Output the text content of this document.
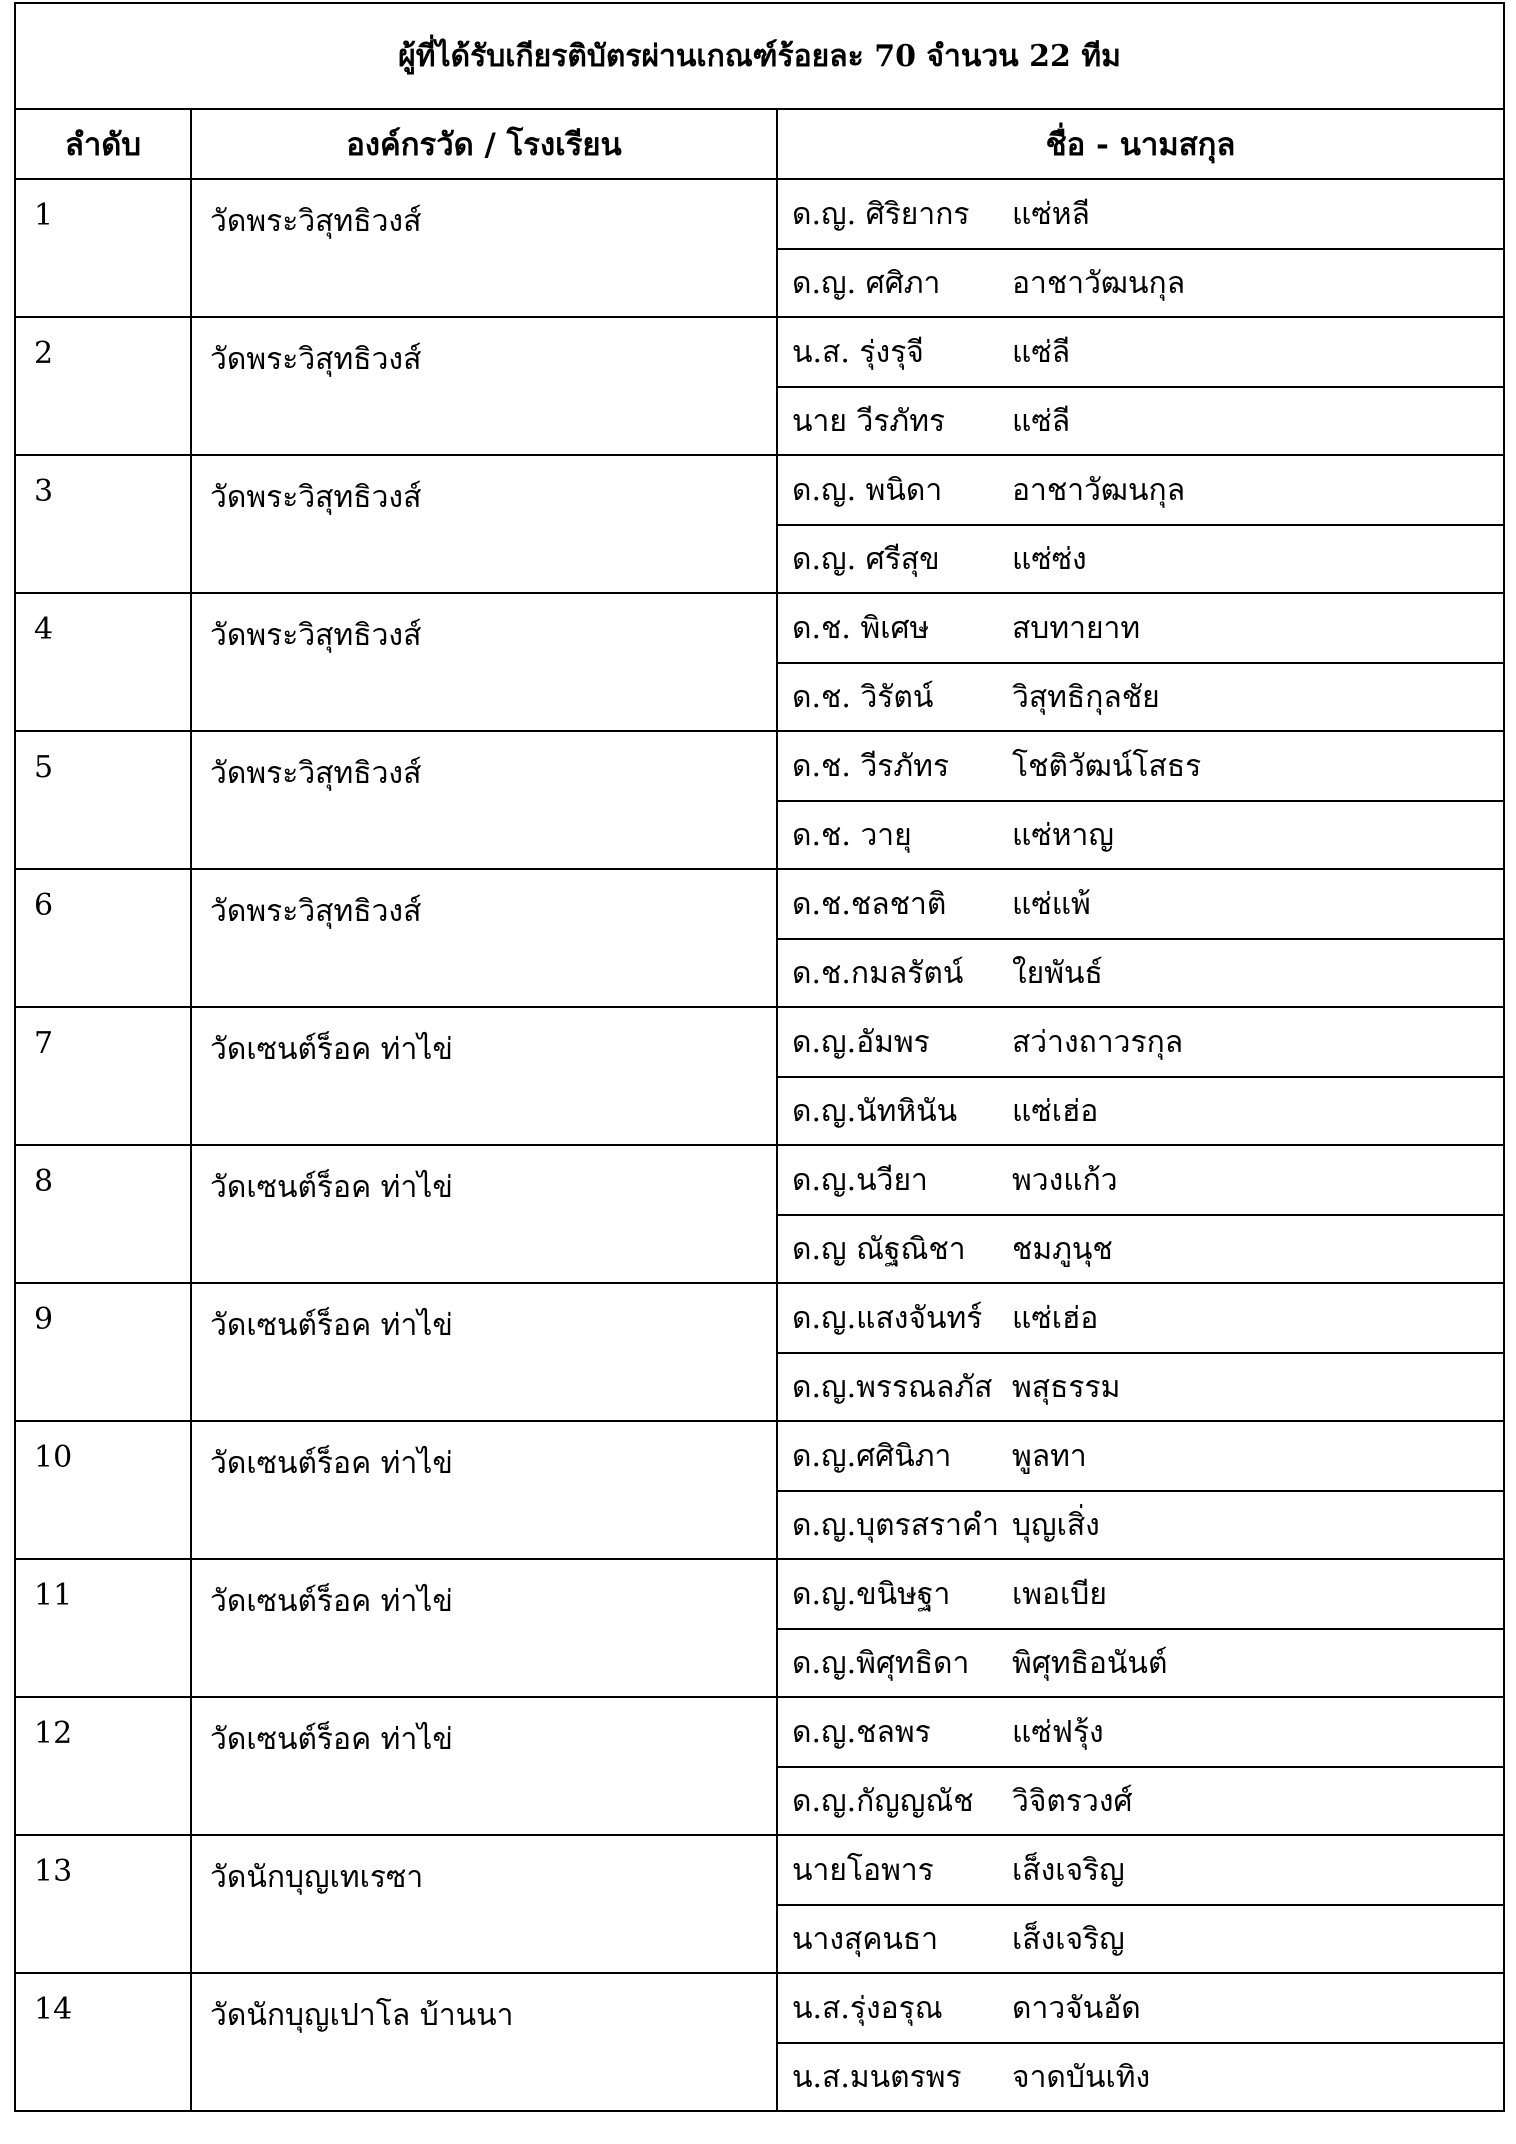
ผู้ที่ได้รับเกียรติบัตรผ่านเกณฑ์ร้อยละ 70 จำนวน 22 ทีม		
ลำดับ	องค์กรวัด / โรงเรียน	ชื่อ - นามสกุล
1	วัดพระวิสุทธิวงส์	ด.ญ. ศิริยากร แซ่หลี
ด.ญ. ศศิภา อาชาวัฒนกุล

2	วัดพระวิสุทธิวงส์	น.ส. รุ่งรุจี แซ่ลี
นาย วีรภัทร แซ่ลี

3	วัดพระวิสุทธิวงส์	ด.ญ. พนิดา อาชาวัฒนกุล
ด.ญ. ศรีสุข แซ่ซ่ง

4	วัดพระวิสุทธิวงส์	ด.ช. พิเศษ สบทายาท
ด.ช. วิรัตน์ วิสุทธิกุลชัย

5	วัดพระวิสุทธิวงส์	ด.ช. วีรภัทร โชติวัฒน์โสธร
ด.ช. วายุ แซ่หาญ

6	วัดพระวิสุทธิวงส์	ด.ช.ชลชาติ แซ่แพ้
ด.ช.กมลรัตน์ ใยพันธ์

7	วัดเซนต์ร็อค ท่าไข่	ด.ญ.อัมพร สว่างถาวรกุล
ด.ญ.นัทหินัน แซ่เฮ่อ

8	วัดเซนต์ร็อค ท่าไข่	ด.ญ.นวียา พวงแก้ว
ด.ญ ณัฐณิชา ชมภูนุช

9	วัดเซนต์ร็อค ท่าไข่	ด.ญ.แสงจันทร์ แซ่เฮ่อ
ด.ญ.พรรณลภัส พสุธรรม

10	วัดเซนต์ร็อค ท่าไข่	ด.ญ.ศศินิภา พูลทา
ด.ญ.บุตรสราคำ บุญเสิ่ง

11	วัดเซนต์ร็อค ท่าไข่	ด.ญ.ขนิษฐา เพอเบีย
ด.ญ.พิศุทธิดา พิศุทธิอนันต์

12	วัดเซนต์ร็อค ท่าไข่	ด.ญ.ชลพร แซ่ฟรุ้ง
ด.ญ.กัญญณัช วิจิตรวงศ์

13	วัดนักบุญเทเรซา	นายโอพาร เส็งเจริญ
นางสุคนธา เส็งเจริญ

14	วัดนักบุญเปาโล บ้านนา	น.ส.รุ่งอรุณ ดาวจันอัด
น.ส.มนตรพร จาดบันเทิง
